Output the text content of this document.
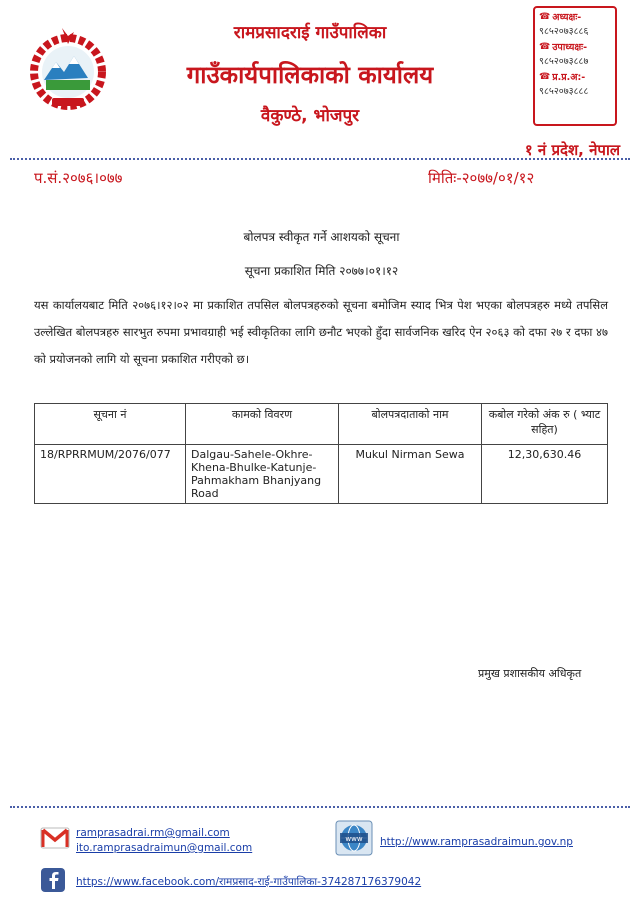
रामप्रसादराई गाउँपालिका
गाउँकार्यपालिकाको कार्यालय
वैकुण्ठे, भोजपुर
☎ अध्यक्षः-
९८५२०७३८८६
☎ उपाध्यक्षः-
९८५२०७३८८७
☎ प्र.प्र.अ:-
९८५२०७३८८८
१ नं प्रदेश, नेपाल
प.सं.२०७६।०७७	मितिः-२०७७/०१/१२
बोलपत्र स्वीकृत गर्ने आशयको सूचना
सूचना प्रकाशित मिति २०७७।०१।१२
यस कार्यालयबाट मिति २०७६।१२।०२ मा प्रकाशित तपसिल बोलपत्रहरुको सूचना बमोजिम स्याद भित्र पेश भएका बोलपत्रहरु मध्ये तपसिल उल्लेखित बोलपत्रहरु सारभुत रुपमा प्रभावग्राही भई स्वीकृतिका लागि छनौट भएको हुँदा सार्वजनिक खरिद ऐन २०६३ को दफा २७ र दफा ४७ को प्रयोजनको लागि यो सूचना प्रकाशित गरीएको छ।
सूचना नं	कामको विवरण	बोलपत्रदाताको नाम	कबोल गरेको अंक रु ( भ्याट सहित)
18/RPRRMUM/2076/077	Dalgau-Sahele-Okhre-Khena-Bhulke-Katunje-Pahmakham Bhanjyang Road	Mukul Nirman Sewa	12,30,630.46
प्रमुख प्रशासकीय अधिकृत
ramprasadrai.rm@gmail.com
ito.ramprasadraimun@gmail.com
www http://www.ramprasadraimun.gov.np
https://www.facebook.com/रामप्रसाद-राई-गाउँपालिका-374287176379042
